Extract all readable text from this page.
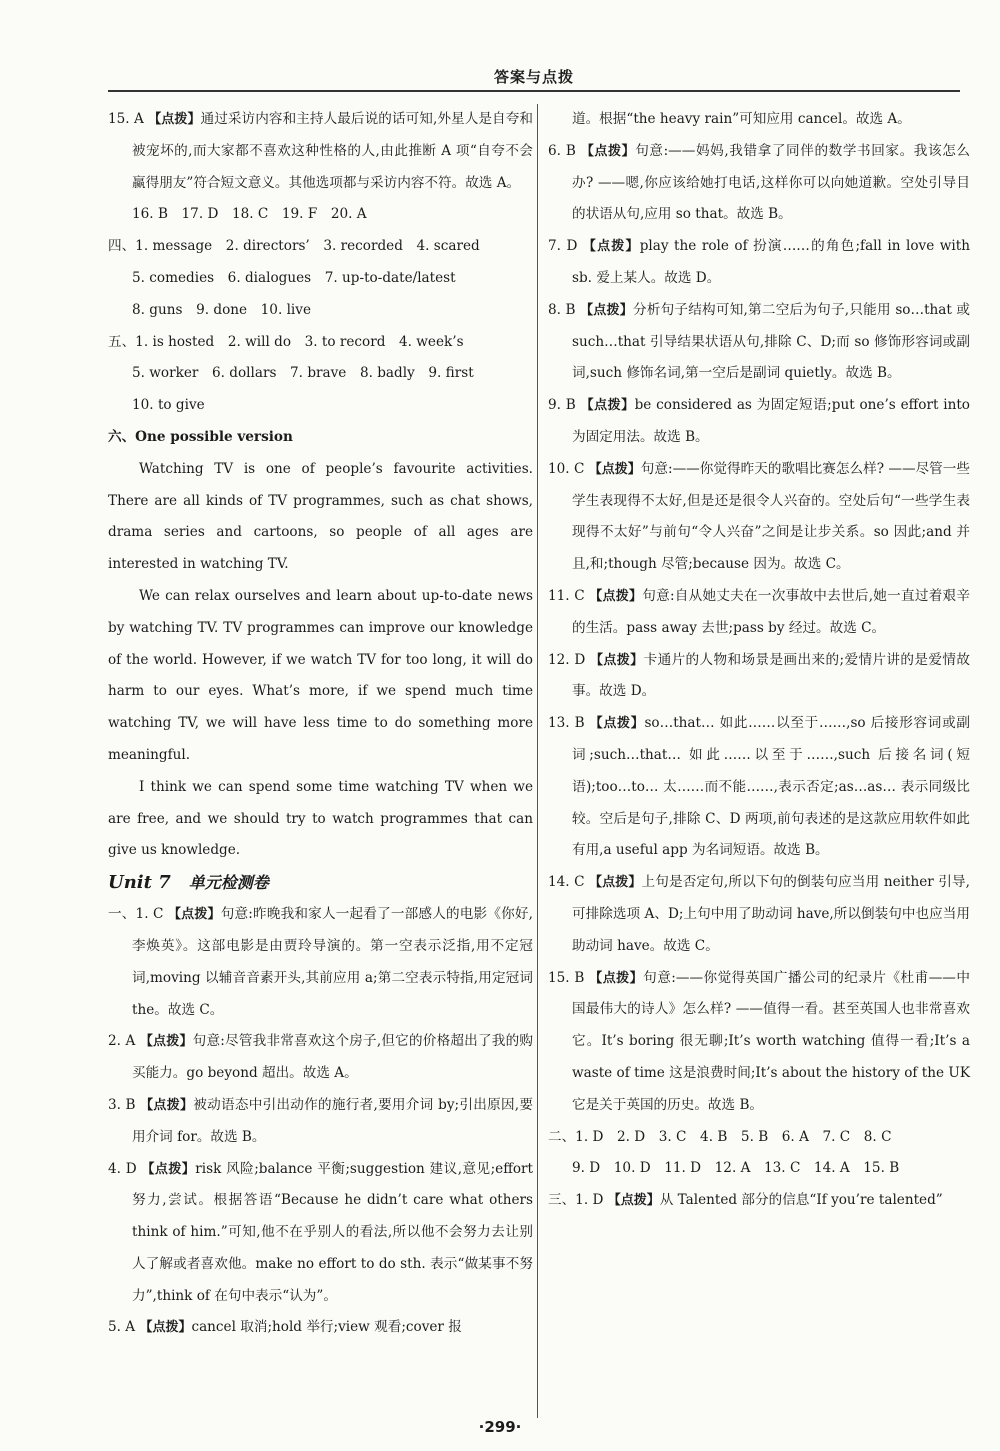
答案与点拨

15. A 【点拨】通过采访内容和主持人最后说的话可知,外星人是自夸和被宠坏的,而大家都不喜欢这种性格的人,由此推断 A 项“自夸不会赢得朋友”符合短文意义。其他选项都与采访内容不符。故选 A。

16. B　17. D　18. C　19. F　20. A

四、1. message　2. directors’　3. recorded　4. scared

5. comedies　6. dialogues　7. up-to-date/latest

8. guns　9. done　10. live

五、1. is hosted　2. will do　3. to record　4. week’s

5. worker　6. dollars　7. brave　8. badly　9. first

10. to give

六、One possible version

Watching TV is one of people’s favourite activities. There are all kinds of TV programmes, such as chat shows, drama series and cartoons, so people of all ages are interested in watching TV.

We can relax ourselves and learn about up-to-date news by watching TV. TV programmes can improve our knowledge of the world. However, if we watch TV for too long, it will do harm to our eyes. What’s more, if we spend much time watching TV, we will have less time to do something more meaningful.

I think we can spend some time watching TV when we are free, and we should try to watch programmes that can give us knowledge.

Unit 7 单元检测卷

一、1. C 【点拨】句意:昨晚我和家人一起看了一部感人的电影《你好,李焕英》。这部电影是由贾玲导演的。第一空表示泛指,用不定冠词,moving 以辅音音素开头,其前应用 a;第二空表示特指,用定冠词 the。故选 C。

2. A 【点拨】句意:尽管我非常喜欢这个房子,但它的价格超出了我的购买能力。go beyond 超出。故选 A。

3. B 【点拨】被动语态中引出动作的施行者,要用介词 by;引出原因,要用介词 for。故选 B。

4. D 【点拨】risk 风险;balance 平衡;suggestion 建议,意见;effort 努力,尝试。根据答语“Because he didn’t care what others think of him.”可知,他不在乎别人的看法,所以他不会努力去让别人了解或者喜欢他。make no effort to do sth. 表示“做某事不努力”,think of 在句中表示“认为”。

5. A 【点拨】cancel 取消;hold 举行;view 观看;cover 报

道。根据“the heavy rain”可知应用 cancel。故选 A。

6. B 【点拨】句意:——妈妈,我错拿了同伴的数学书回家。我该怎么办? ——嗯,你应该给她打电话,这样你可以向她道歉。空处引导目的状语从句,应用 so that。故选 B。

7. D 【点拨】play the role of 扮演……的角色;fall in love with sb. 爱上某人。故选 D。

8. B 【点拨】分析句子结构可知,第二空后为句子,只能用 so…that 或 such…that 引导结果状语从句,排除 C、D;而 so 修饰形容词或副词,such 修饰名词,第一空后是副词 quietly。故选 B。

9. B 【点拨】be considered as 为固定短语;put one’s effort into 为固定用法。故选 B。

10. C 【点拨】句意:——你觉得昨天的歌唱比赛怎么样? ——尽管一些学生表现得不太好,但是还是很令人兴奋的。空处后句“一些学生表现得不太好”与前句“令人兴奋”之间是让步关系。so 因此;and 并且,和;though 尽管;because 因为。故选 C。

11. C 【点拨】句意:自从她丈夫在一次事故中去世后,她一直过着艰辛的生活。pass away 去世;pass by 经过。故选 C。

12. D 【点拨】卡通片的人物和场景是画出来的;爱情片讲的是爱情故事。故选 D。

13. B 【点拨】so…that… 如此……以至于……,so 后接形容词或副词;such…that… 如此……以至于……,such 后接名词(短语);too…to… 太……而不能……,表示否定;as…as… 表示同级比较。空后是句子,排除 C、D 两项,前句表述的是这款应用软件如此有用,a useful app 为名词短语。故选 B。

14. C 【点拨】上句是否定句,所以下句的倒装句应当用 neither 引导,可排除选项 A、D;上句中用了助动词 have,所以倒装句中也应当用助动词 have。故选 C。

15. B 【点拨】句意:——你觉得英国广播公司的纪录片《杜甫——中国最伟大的诗人》怎么样? ——值得一看。甚至英国人也非常喜欢它。It’s boring 很无聊;It’s worth watching 值得一看;It’s a waste of time 这是浪费时间;It’s about the history of the UK 它是关于英国的历史。故选 B。

二、1. D　2. D　3. C　4. B　5. B　6. A　7. C　8. C

9. D　10. D　11. D　12. A　13. C　14. A　15. B

三、1. D 【点拨】从 Talented 部分的信息“If you’re talented”

·299·
